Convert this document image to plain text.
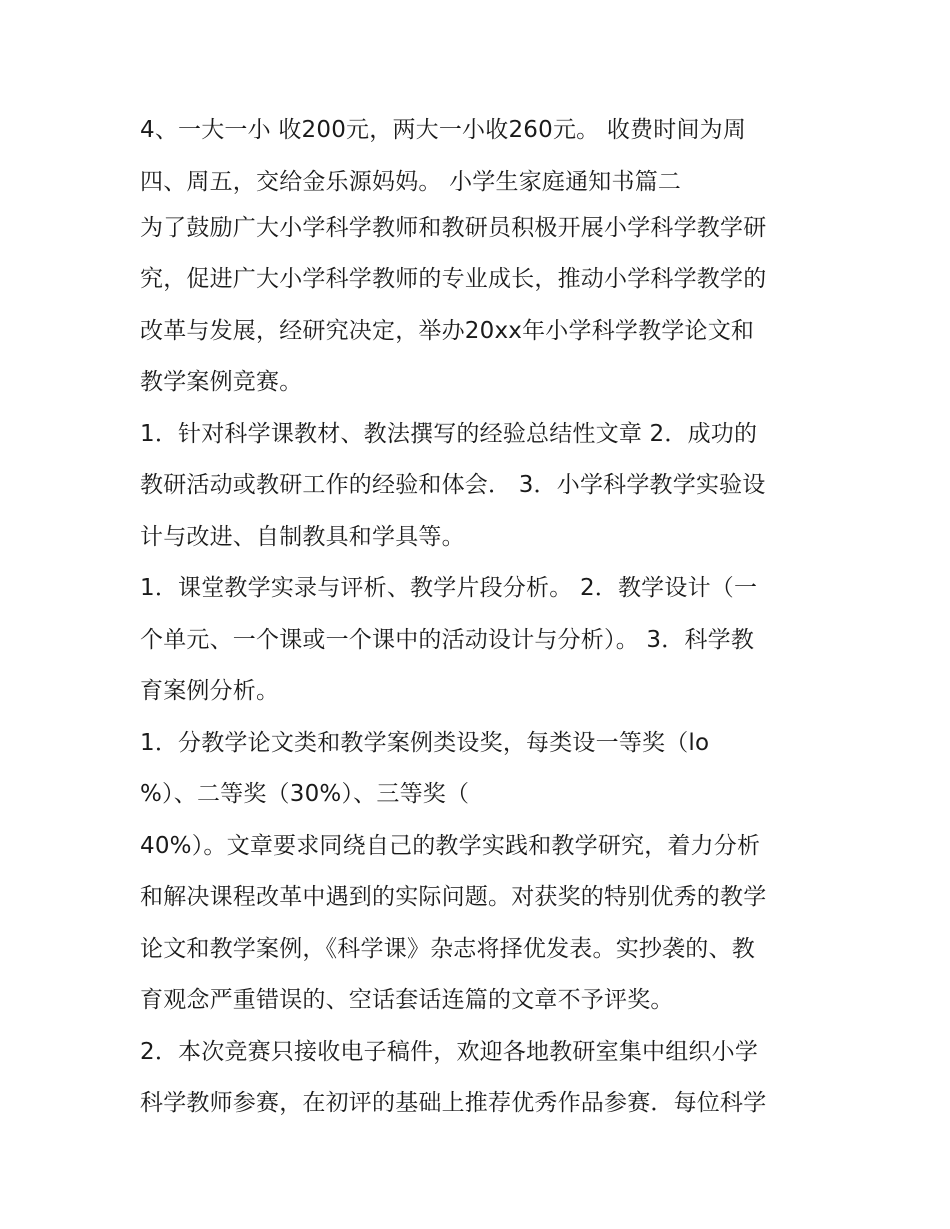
4、一大一小 收200元，两大一小收260元。 收费时间为周
四、周五，交给金乐源妈妈。 小学生家庭通知书篇二
为了鼓励广大小学科学教师和教研员积极开展小学科学教学研
究，促进广大小学科学教师的专业成长，推动小学科学教学的
改革与发展，经研究决定，举办20xx年小学科学教学论文和
教学案例竞赛。
1．针对科学课教材、教法撰写的经验总结性文章 2．成功的
教研活动或教研工作的经验和体会． 3．小学科学教学实验设
计与改进、自制教具和学具等。
1．课堂教学实录与评析、教学片段分析。 2．教学设计（一
个单元、一个课或一个课中的活动设计与分析）。 3．科学教
育案例分析。
1．分教学论文类和教学案例类设奖，每类设一等奖（lo
%）、二等奖（30%）、三等奖（
40%）。文章要求同绕自己的教学实践和教学研究，着力分析
和解决课程改革中遇到的实际问题。对获奖的特别优秀的教学
论文和教学案例，《科学课》杂志将择优发表。实抄袭的、教
育观念严重错误的、空话套话连篇的文章不予评奖。
2．本次竞赛只接收电子稿件，欢迎各地教研室集中组织小学
科学教师参赛，在初评的基础上推荐优秀作品参赛．每位科学
